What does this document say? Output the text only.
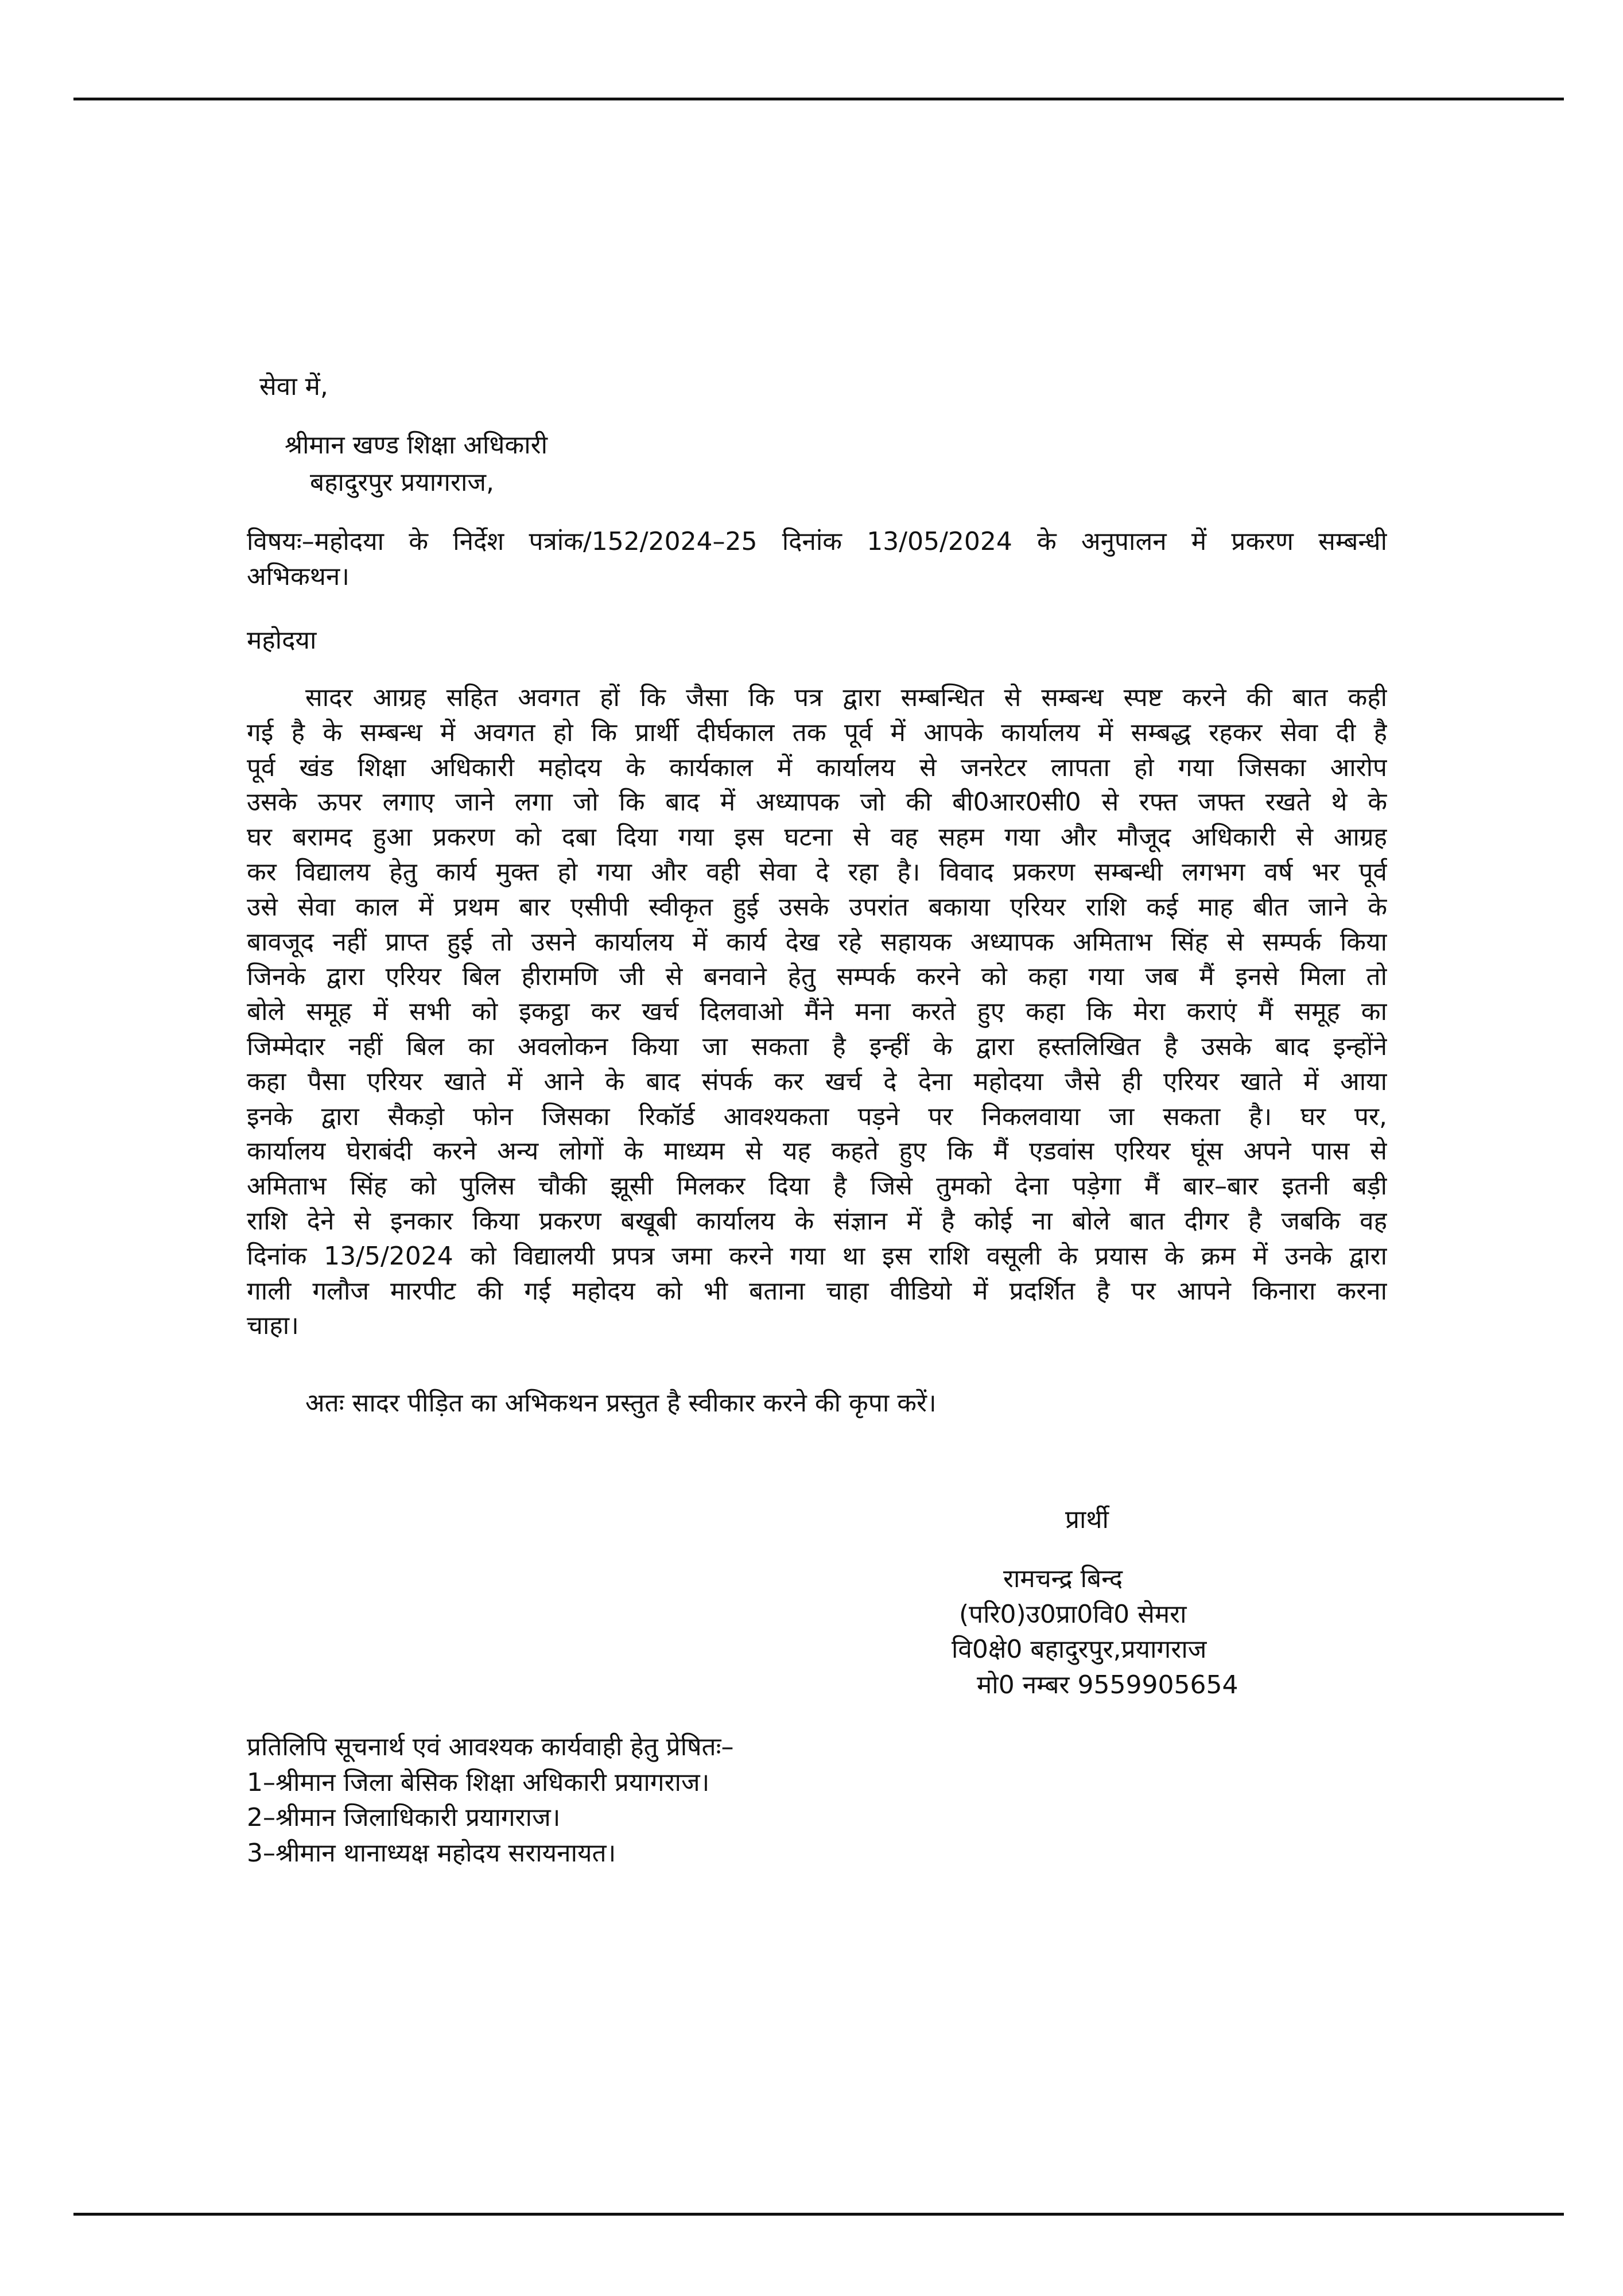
सेवा में,
श्रीमान खण्ड शिक्षा अधिकारी
बहादुरपुर प्रयागराज,
विषयः–महोदया के निर्देश पत्रांक/152/2024–25 दिनांक 13/05/2024 के अनुपालन में प्रकरण सम्बन्धी
अभिकथन।
महोदया
सादर आग्रह सहित अवगत हों कि जैसा कि पत्र द्वारा सम्बन्धित से सम्बन्ध स्पष्ट करने की बात कही
गई है के सम्बन्ध में अवगत हो कि प्रार्थी दीर्घकाल तक पूर्व में आपके कार्यालय में सम्बद्ध रहकर सेवा दी है
पूर्व खंड शिक्षा अधिकारी महोदय के कार्यकाल में कार्यालय से जनरेटर लापता हो गया जिसका आरोप
उसके ऊपर लगाए जाने लगा जो कि बाद में अध्यापक जो की बी0आर0सी0 से रफ्त जफ्त रखते थे के
घर बरामद हुआ प्रकरण को दबा दिया गया इस घटना से वह सहम गया और मौजूद अधिकारी से आग्रह
कर विद्यालय हेतु कार्य मुक्त हो गया और वही सेवा दे रहा है। विवाद प्रकरण सम्बन्धी लगभग वर्ष भर पूर्व
उसे सेवा काल में प्रथम बार एसीपी स्वीकृत हुई उसके उपरांत बकाया एरियर राशि कई माह बीत जाने के
बावजूद नहीं प्राप्त हुई तो उसने कार्यालय में कार्य देख रहे सहायक अध्यापक अमिताभ सिंह से सम्पर्क किया
जिनके द्वारा एरियर बिल हीरामणि जी से बनवाने हेतु सम्पर्क करने को कहा गया जब मैं इनसे मिला तो
बोले समूह में सभी को इकट्ठा कर खर्च दिलवाओ मैंने मना करते हुए कहा कि मेरा कराएं मैं समूह का
जिम्मेदार नहीं बिल का अवलोकन किया जा सकता है इन्हीं के द्वारा हस्तलिखित है उसके बाद इन्होंने
कहा पैसा एरियर खाते में आने के बाद संपर्क कर खर्च दे देना महोदया जैसे ही एरियर खाते में आया
इनके द्वारा सैकड़ो फोन जिसका रिकॉर्ड आवश्यकता पड़ने पर निकलवाया जा सकता है। घर पर,
कार्यालय घेराबंदी करने अन्य लोगों के माध्यम से यह कहते हुए कि मैं एडवांस एरियर घूंस अपने पास से
अमिताभ सिंह को पुलिस चौकी झूसी मिलकर दिया है जिसे तुमको देना पड़ेगा मैं बार–बार इतनी बड़ी
राशि देने से इनकार किया प्रकरण बखूबी कार्यालय के संज्ञान में है कोई ना बोले बात दीगर है जबकि वह
दिनांक 13/5/2024 को विद्यालयी प्रपत्र जमा करने गया था इस राशि वसूली के प्रयास के क्रम में उनके द्वारा
गाली गलौज मारपीट की गई महोदय को भी बताना चाहा वीडियो में प्रदर्शित है पर आपने किनारा करना
चाहा।
अतः सादर पीड़ित का अभिकथन प्रस्तुत है स्वीकार करने की कृपा करें।
प्रार्थी
रामचन्द्र बिन्द
(परि0)उ0प्रा0वि0 सेमरा
वि0क्षे0 बहादुरपुर,प्रयागराज
मो0 नम्बर 9559905654
प्रतिलिपि सूचनार्थ एवं आवश्यक कार्यवाही हेतु प्रेषितः–
1–श्रीमान जिला बेसिक शिक्षा अधिकारी प्रयागराज।
2–श्रीमान जिलाधिकारी प्रयागराज।
3–श्रीमान थानाध्यक्ष महोदय सरायनायत।
